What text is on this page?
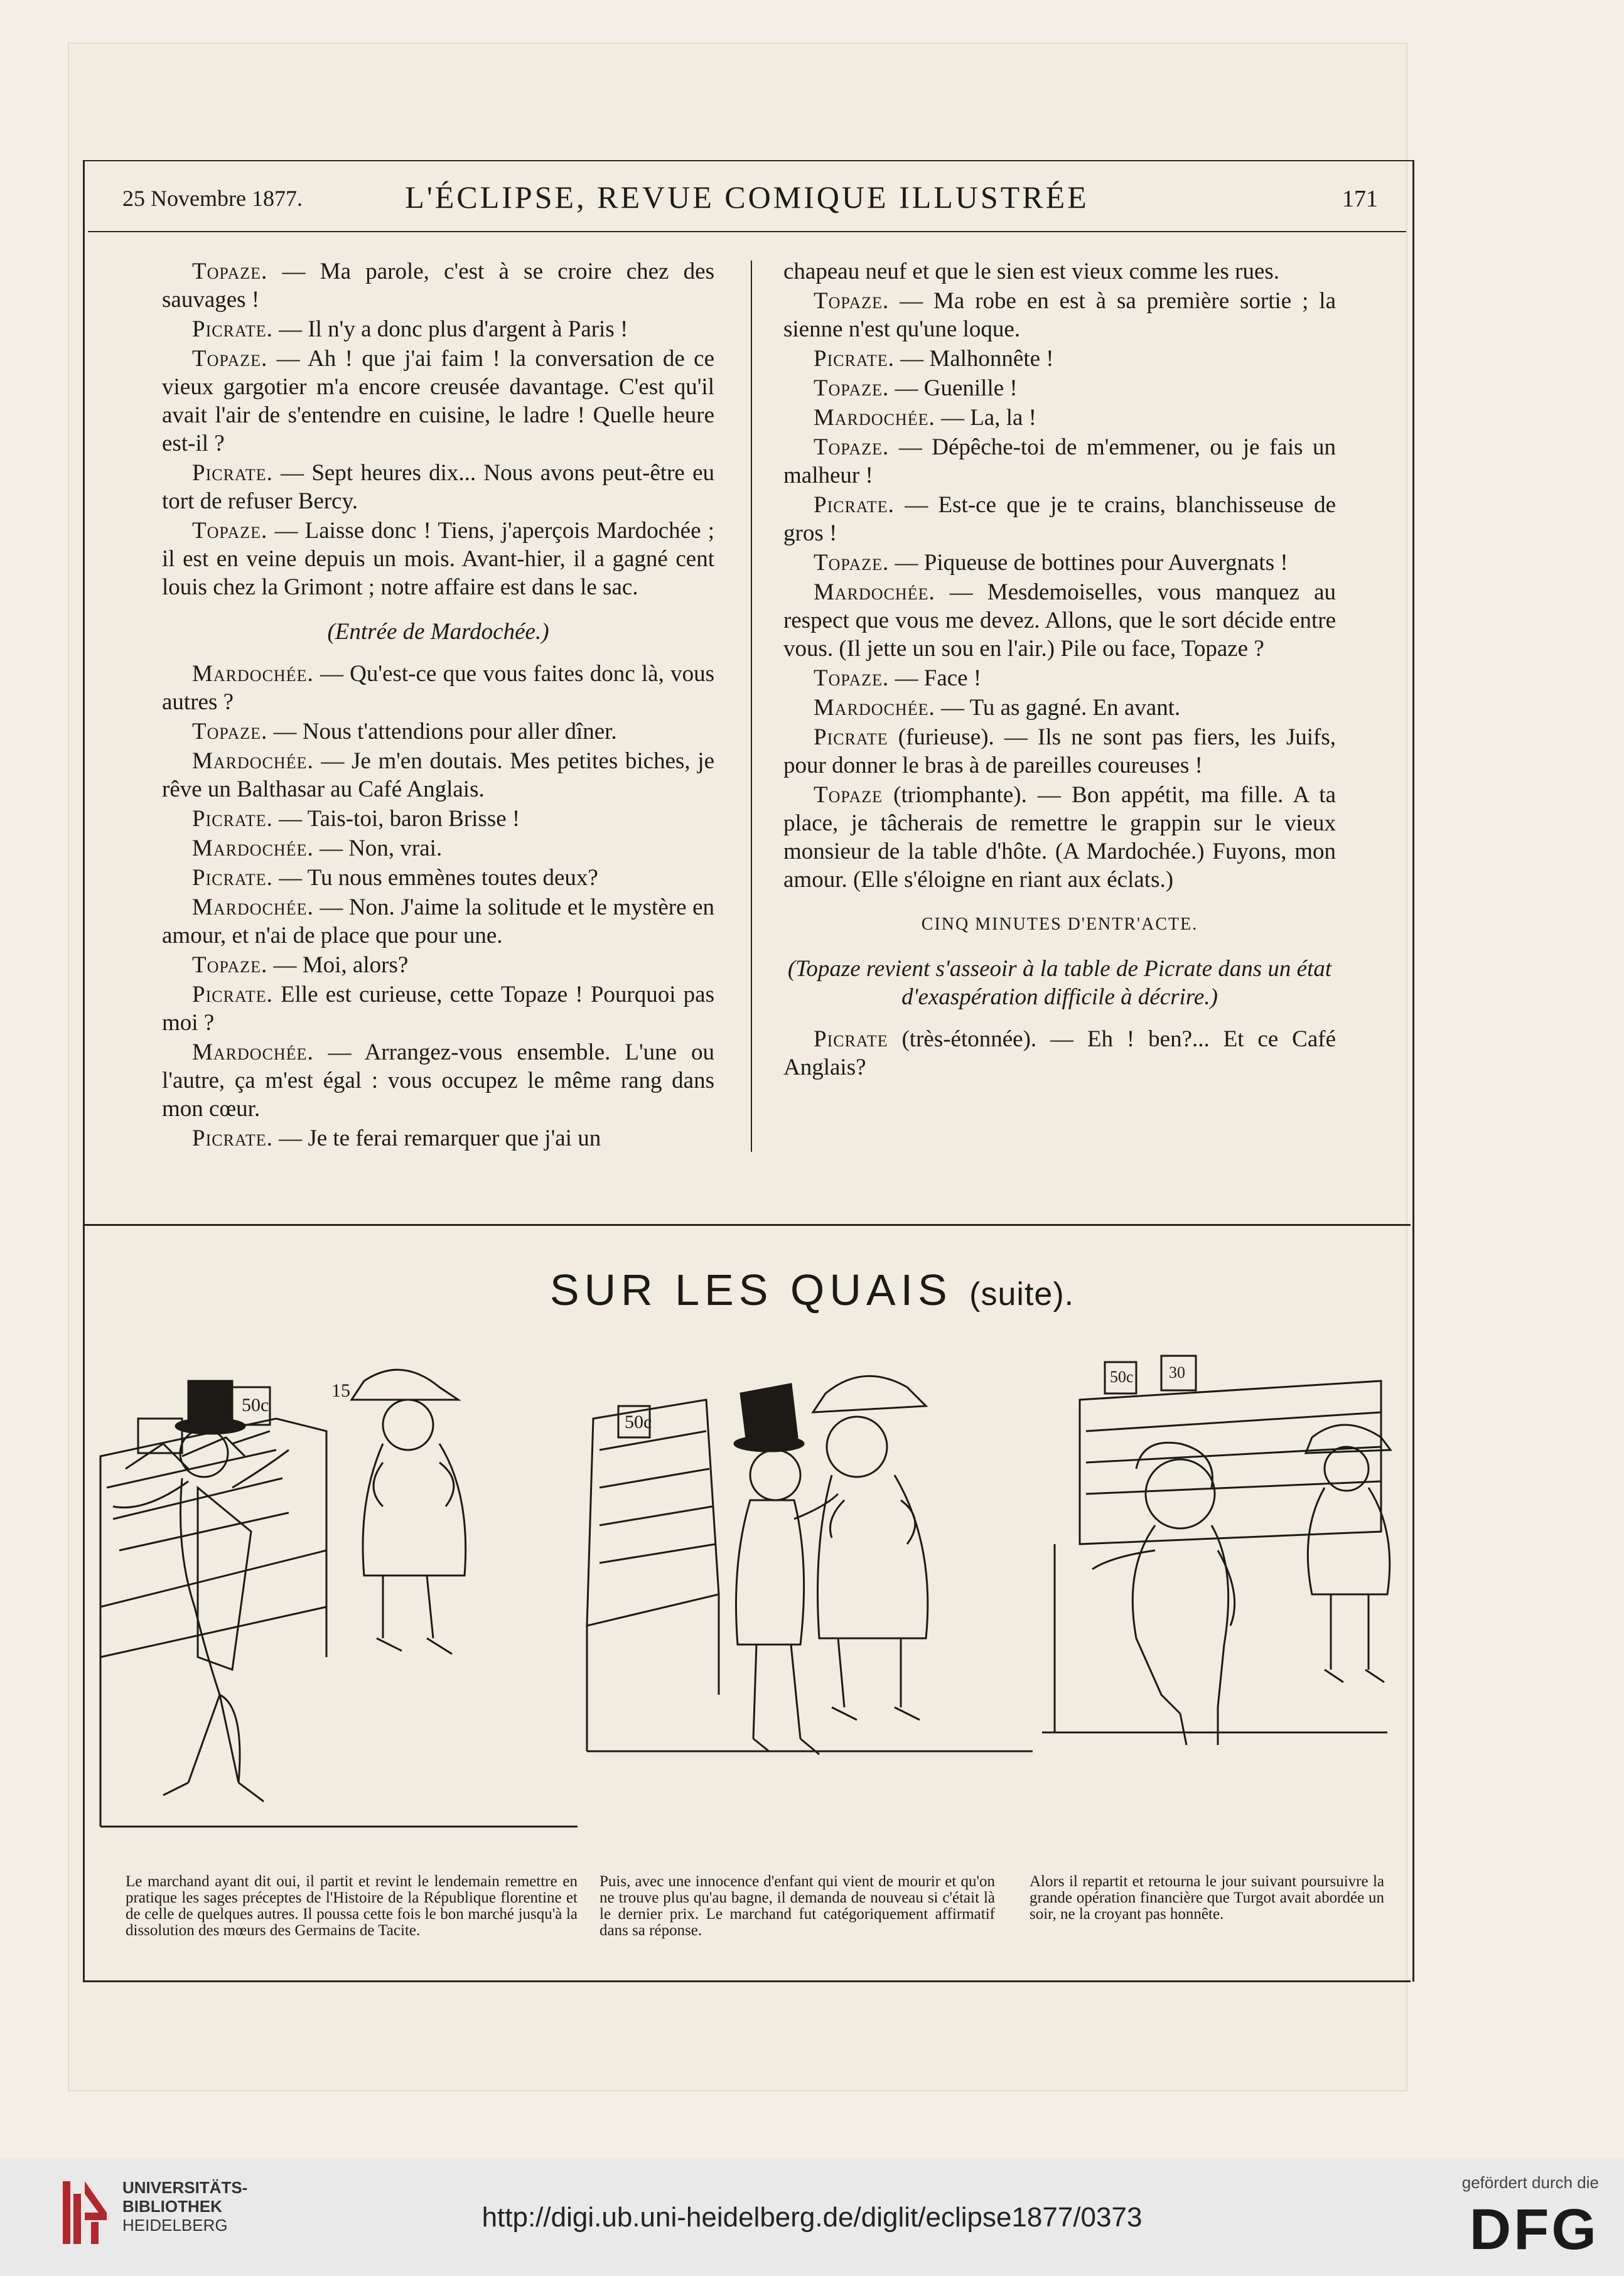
25 Novembre 1877.	L'ÉCLIPSE, REVUE COMIQUE ILLUSTRÉE	171

Topaze. — Ma parole, c'est à se croire chez des sauvages !

Picrate. — Il n'y a donc plus d'argent à Paris !

Topaze. — Ah ! que j'ai faim ! la conversation de ce vieux gargotier m'a encore creusée davantage. C'est qu'il avait l'air de s'entendre en cuisine, le ladre ! Quelle heure est-il ?

Picrate. — Sept heures dix... Nous avons peut-être eu tort de refuser Bercy.

Topaze. — Laisse donc ! Tiens, j'aperçois Mardochée ; il est en veine depuis un mois. Avant-hier, il a gagné cent louis chez la Grimont ; notre affaire est dans le sac.

(Entrée de Mardochée.)

Mardochée. — Qu'est-ce que vous faites donc là, vous autres ?

Topaze. — Nous t'attendions pour aller dîner.

Mardochée. — Je m'en doutais. Mes petites biches, je rêve un Balthasar au Café Anglais.

Picrate. — Tais-toi, baron Brisse !

Mardochée. — Non, vrai.

Picrate. — Tu nous emmènes toutes deux?

Mardochée. — Non. J'aime la solitude et le mystère en amour, et n'ai de place que pour une.

Topaze. — Moi, alors?

Picrate. Elle est curieuse, cette Topaze ! Pourquoi pas moi ?

Mardochée. — Arrangez-vous ensemble. L'une ou l'autre, ça m'est égal : vous occupez le même rang dans mon cœur.

Picrate. — Je te ferai remarquer que j'ai un

chapeau neuf et que le sien est vieux comme les rues.

Topaze. — Ma robe en est à sa première sortie ; la sienne n'est qu'une loque.

Picrate. — Malhonnête !

Topaze. — Guenille !

Mardochée. — La, la !

Topaze. — Dépêche-toi de m'emmener, ou je fais un malheur !

Picrate. — Est-ce que je te crains, blanchisseuse de gros !

Topaze. — Piqueuse de bottines pour Auvergnats !

Mardochée. — Mesdemoiselles, vous manquez au respect que vous me devez. Allons, que le sort décide entre vous. (Il jette un sou en l'air.) Pile ou face, Topaze ?

Topaze. — Face !

Mardochée. — Tu as gagné. En avant.

Picrate (furieuse). — Ils ne sont pas fiers, les Juifs, pour donner le bras à de pareilles coureuses !

Topaze (triomphante). — Bon appétit, ma fille. A ta place, je tâcherais de remettre le grappin sur le vieux monsieur de la table d'hôte. (A Mardochée.) Fuyons, mon amour. (Elle s'éloigne en riant aux éclats.)

CINQ MINUTES D'ENTR'ACTE.

(Topaze revient s'asseoir à la table de Picrate dans un état d'exaspération difficile à décrire.)

Picrate (très-étonnée). — Eh ! ben?... Et ce Café Anglais?

SUR LES QUAIS (suite).
50c
15
50c
50c 30

Le marchand ayant dit oui, il partit et revint le lendemain remettre en pratique les sages préceptes de l'Histoire de la République florentine et de celle de quelques autres. Il poussa cette fois le bon marché jusqu'à la dissolution des mœurs des Germains de Tacite.

Puis, avec une innocence d'enfant qui vient de mourir et qu'on ne trouve plus qu'au bagne, il demanda de nouveau si c'était là le dernier prix. Le marchand fut catégoriquement affirmatif dans sa réponse.

Alors il repartit et retourna le jour suivant poursuivre la grande opération financière que Turgot avait abordée un soir, ne la croyant pas honnête.

UNIVERSITÄTS-
BIBLIOTHEK
HEIDELBERG	http://digi.ub.uni-heidelberg.de/diglit/eclipse1877/0373
gefördert durch die
DFG
